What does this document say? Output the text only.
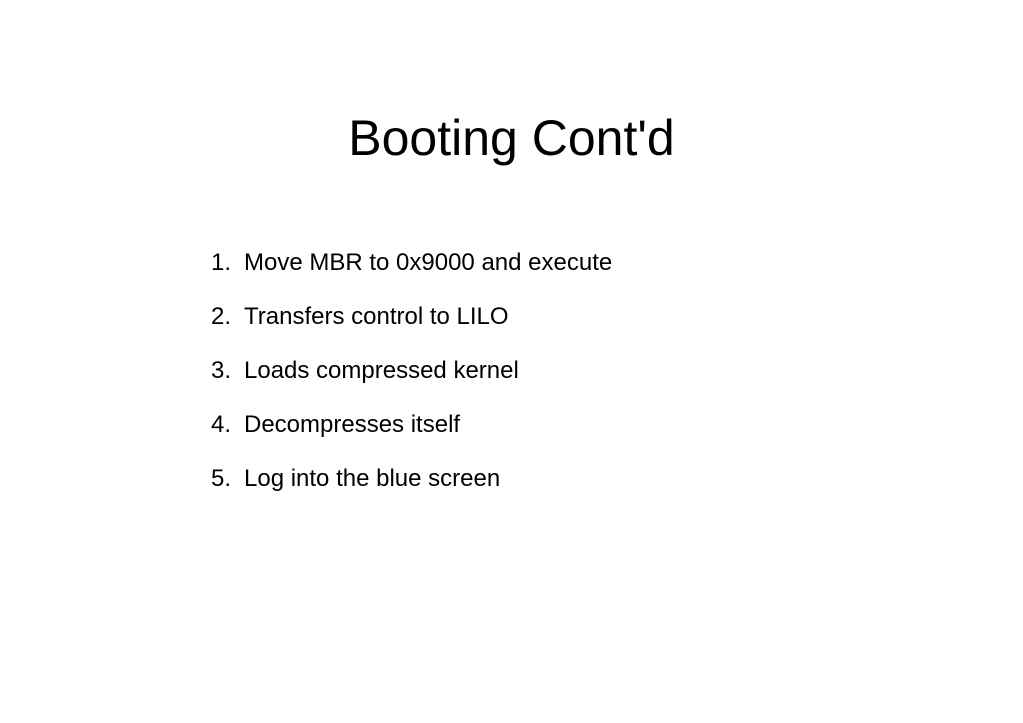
Booting Cont'd
1. Move MBR to 0x9000 and execute
2. Transfers control to LILO
3. Loads compressed kernel
4. Decompresses itself
5. Log into the blue screen
